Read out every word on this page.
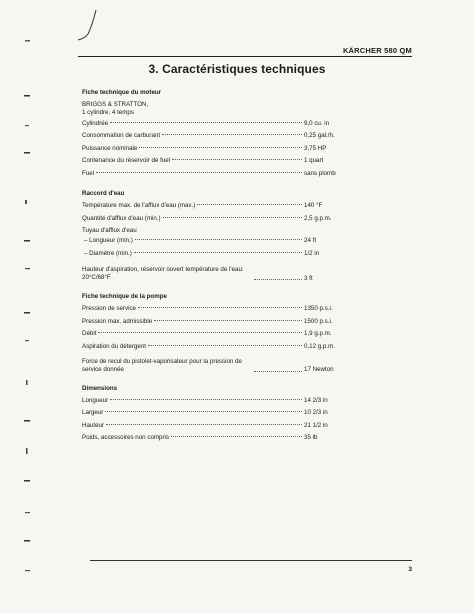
KÄRCHER 580 QM
3. Caractéristiques techniques
Fiche technique du moteur
BRIGGS & STRATTON,
1 cylindre, 4 temps
Cylindrée	9,0 cu. in
Consommation de carburant	0,25 gal./h.
Puissance nominale	3,75 HP
Contenance du réservoir de fuel	1 quart
Fuel	sans plomb
Raccord d'eau
Température max. de l'afflux d'eau (max.)	140 °F
Quantité d'afflux d'eau (min.)	2,5 g.p.m.
Tuyau d'afflux d'eau
– Longueur (min.)	24 ft
– Diamètre (min.)	1/2 in
Hauteur d'aspiration, réservoir ouvert température de l'eau: 20°C/68°F	3 ft
Fiche technique de la pompe
Pression de service	1350 p.s.i.
Pression max. admissible	1500 p.s.i.
Débit	1,9 g.p.m.
Aspiration du détergent	0,12 g.p.m.
Force de recul du pistolet-vaporisateur pour la pression de service donnée	17 Newton
Dimensions
Longueur	14 2/3 in
Largeur	10 2/3 in
Hauteur	21 1/2 in
Poids, accessoires non compris	35 lb
3
